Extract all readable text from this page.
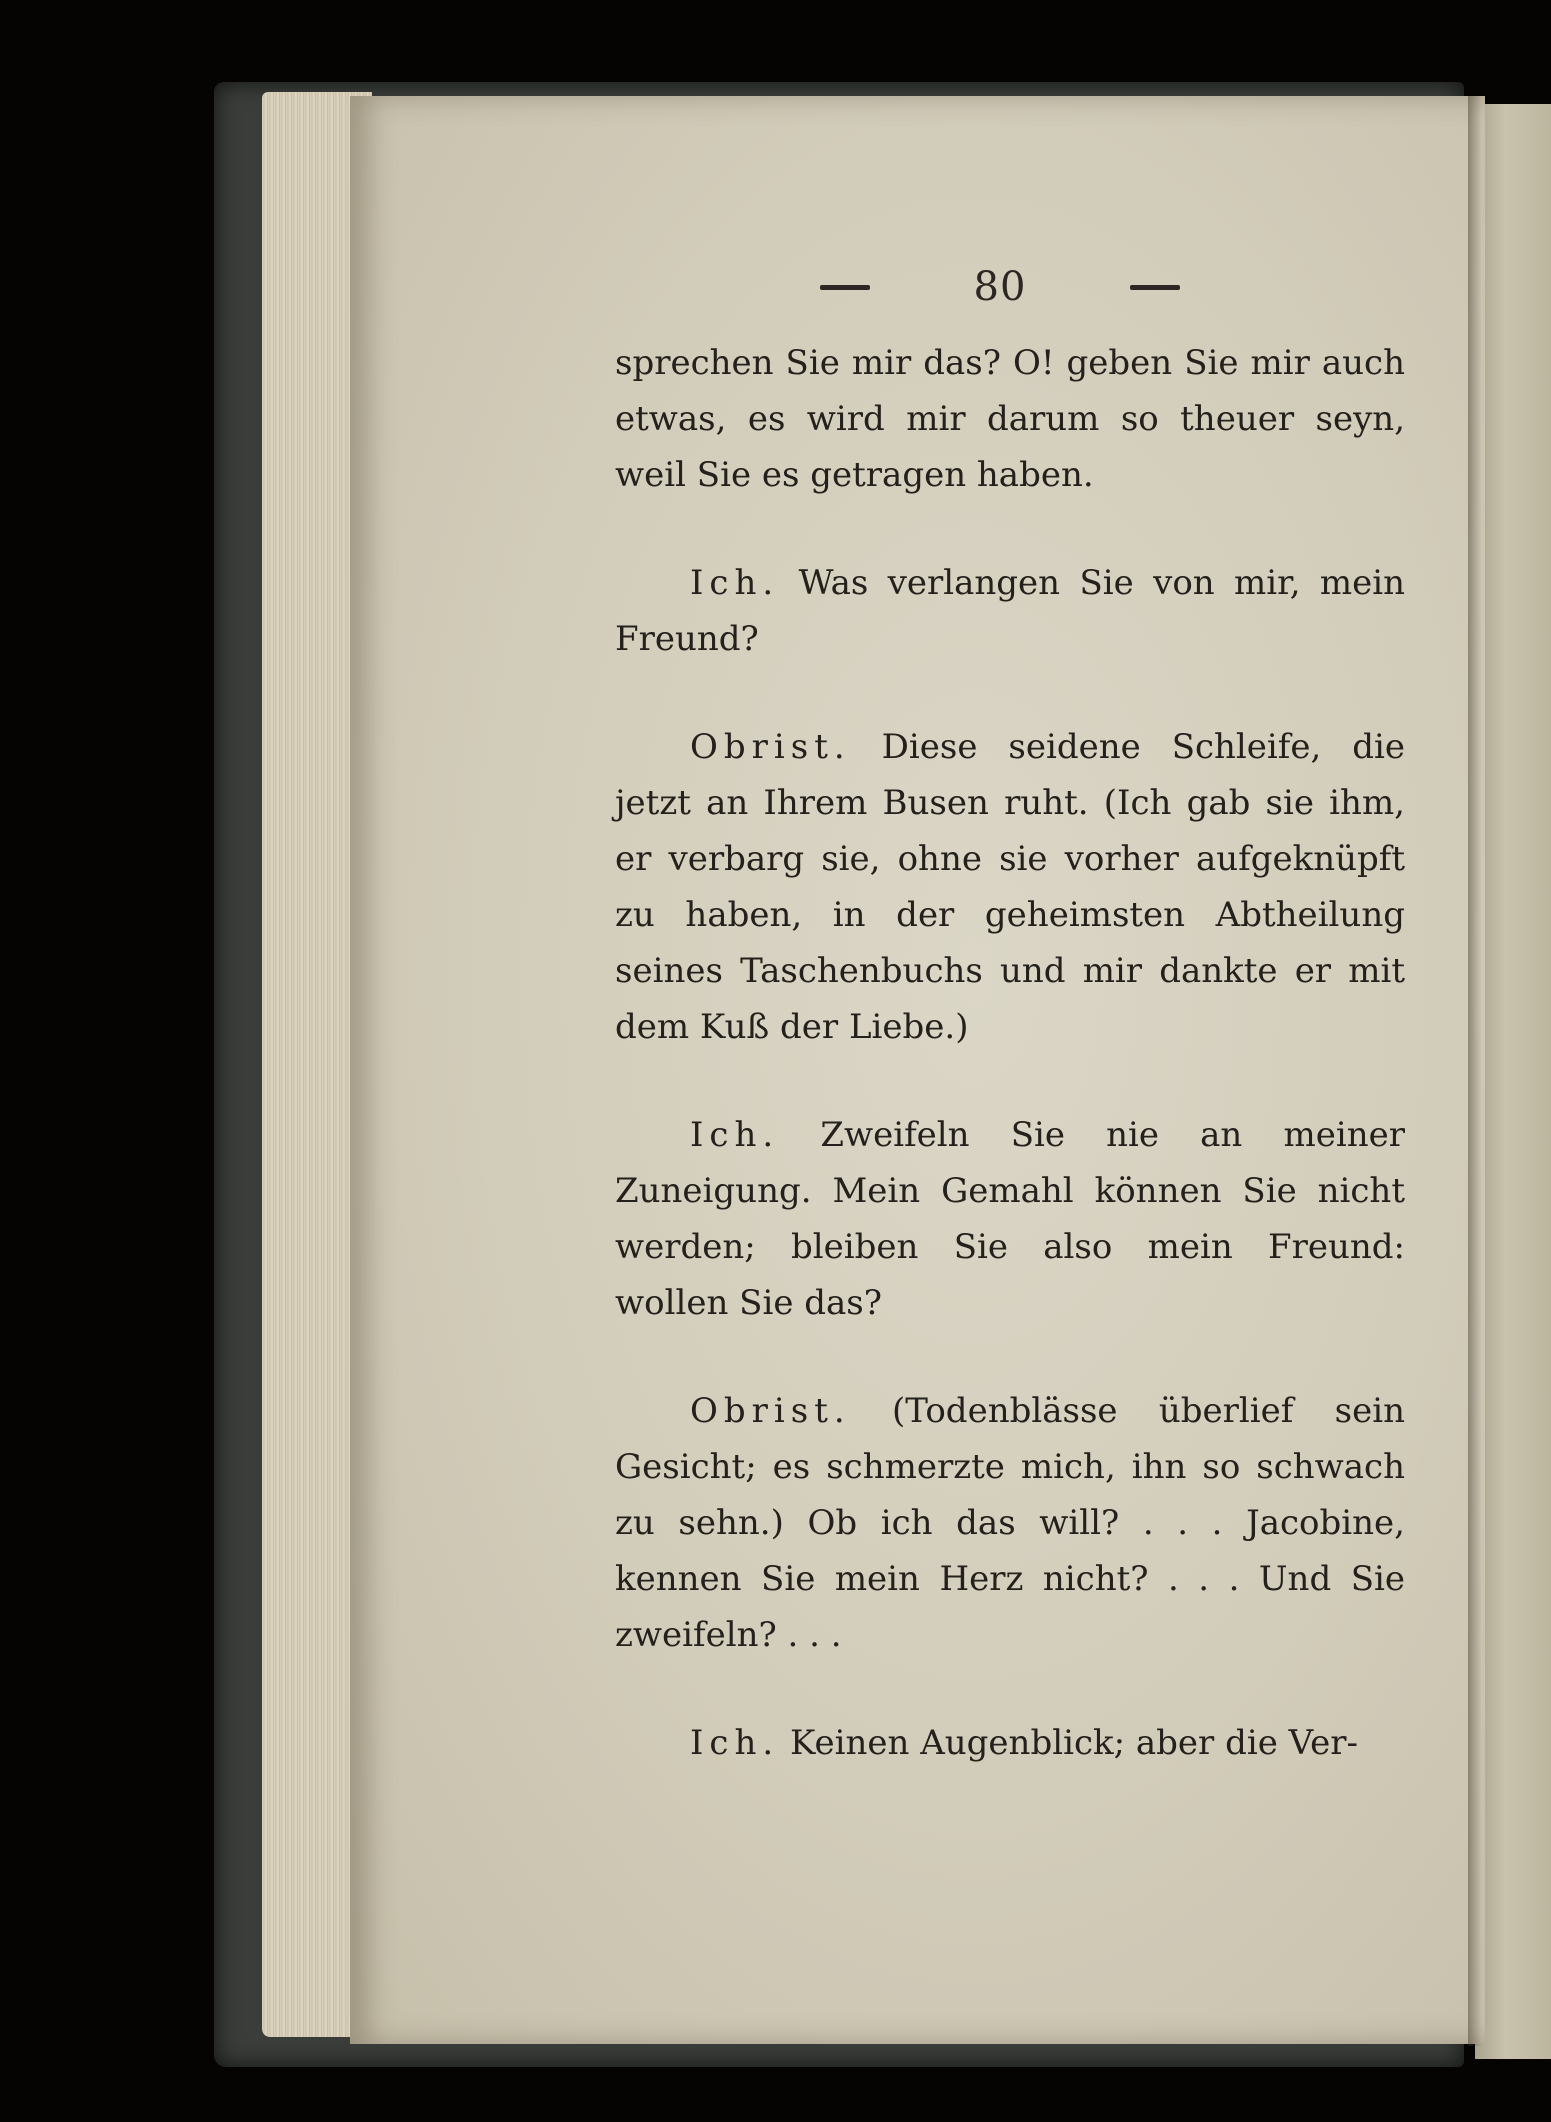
80

sprechen Sie mir das? O! geben Sie mir auch etwas, es wird mir darum so theuer seyn, weil Sie es getragen haben.

Ich. Was verlangen Sie von mir, mein Freund?

Obrist. Diese seidene Schleife, die jetzt an Ihrem Busen ruht. (Ich gab sie ihm, er verbarg sie, ohne sie vorher aufgeknüpft zu haben, in der geheimsten Abtheilung seines Taschenbuchs und mir dankte er mit dem Kuß der Liebe.)

Ich. Zweifeln Sie nie an meiner Zuneigung. Mein Gemahl können Sie nicht werden; bleiben Sie also mein Freund: wollen Sie das?

Obrist. (Todenblässe überlief sein Gesicht; es schmerzte mich, ihn so schwach zu sehn.) Ob ich das will? . . . Jacobine, kennen Sie mein Herz nicht? . . . Und Sie zweifeln? . . .

Ich. Keinen Augenblick; aber die Ver-
